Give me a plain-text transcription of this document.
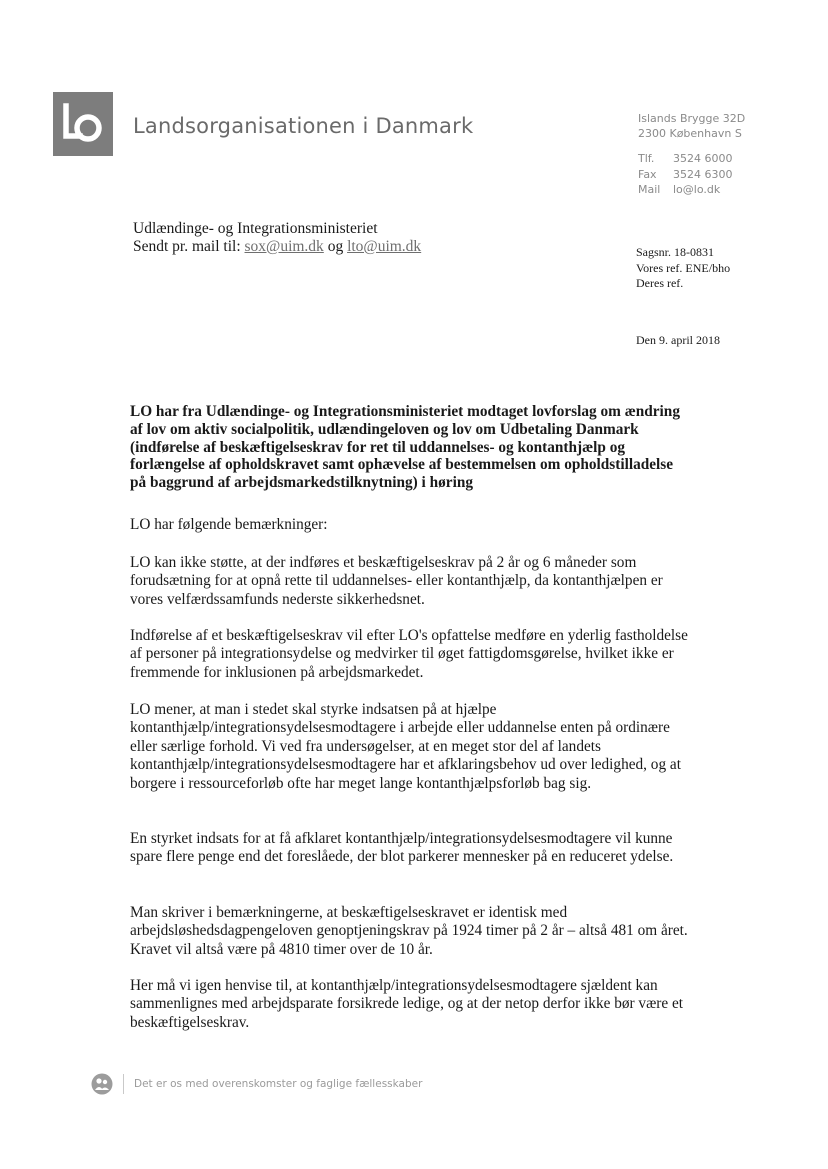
Landsorganisationen i Danmark	Islands Brygge 32D
2300 København S
Tlf. 3524 6000
Fax 3524 6300
Mail lo@lo.dk
Udlændinge- og Integrationsministeriet
Sendt pr. mail til: sox@uim.dk og lto@uim.dk	Sagsnr. 18-0831
Vores ref. ENE/bho
Deres ref.
Den 9. april 2018
LO har fra Udlændinge- og Integrationsministeriet modtaget lovforslag om ændring af lov om aktiv socialpolitik, udlændingeloven og lov om Udbetaling Danmark (indførelse af beskæftigelseskrav for ret til uddannelses- og kontanthjælp og forlængelse af opholdskravet samt ophævelse af bestemmelsen om opholdstilladelse på baggrund af arbejdsmarkedstilknytning) i høring
LO har følgende bemærkninger:
LO kan ikke støtte, at der indføres et beskæftigelseskrav på 2 år og 6 måneder som forudsætning for at opnå rette til uddannelses- eller kontanthjælp, da kontanthjælpen er vores velfærdssamfunds nederste sikkerhedsnet.
Indførelse af et beskæftigelseskrav vil efter LO's opfattelse medføre en yderlig fastholdelse af personer på integrationsydelse og medvirker til øget fattigdomsgørelse, hvilket ikke er fremmende for inklusionen på arbejdsmarkedet.
LO mener, at man i stedet skal styrke indsatsen på at hjælpe kontanthjælp/integrationsydelsesmodtagere i arbejde eller uddannelse enten på ordinære eller særlige forhold. Vi ved fra undersøgelser, at en meget stor del af landets kontanthjælp/integrationsydelsesmodtagere har et afklaringsbehov ud over ledighed, og at borgere i ressourceforløb ofte har meget lange kontanthjælpsforløb bag sig.
En styrket indsats for at få afklaret kontanthjælp/integrationsydelsesmodtagere vil kunne spare flere penge end det foreslåede, der blot parkerer mennesker på en reduceret ydelse.
Man skriver i bemærkningerne, at beskæftigelseskravet er identisk med arbejdsløshedsdagpengeloven genoptjeningskrav på 1924 timer på 2 år – altså 481 om året. Kravet vil altså være på 4810 timer over de 10 år.
Her må vi igen henvise til, at kontanthjælp/integrationsydelsesmodtagere sjældent kan sammenlignes med arbejdsparate forsikrede ledige, og at der netop derfor ikke bør være et beskæftigelseskrav.
Det er os med overenskomster og faglige fællesskaber
